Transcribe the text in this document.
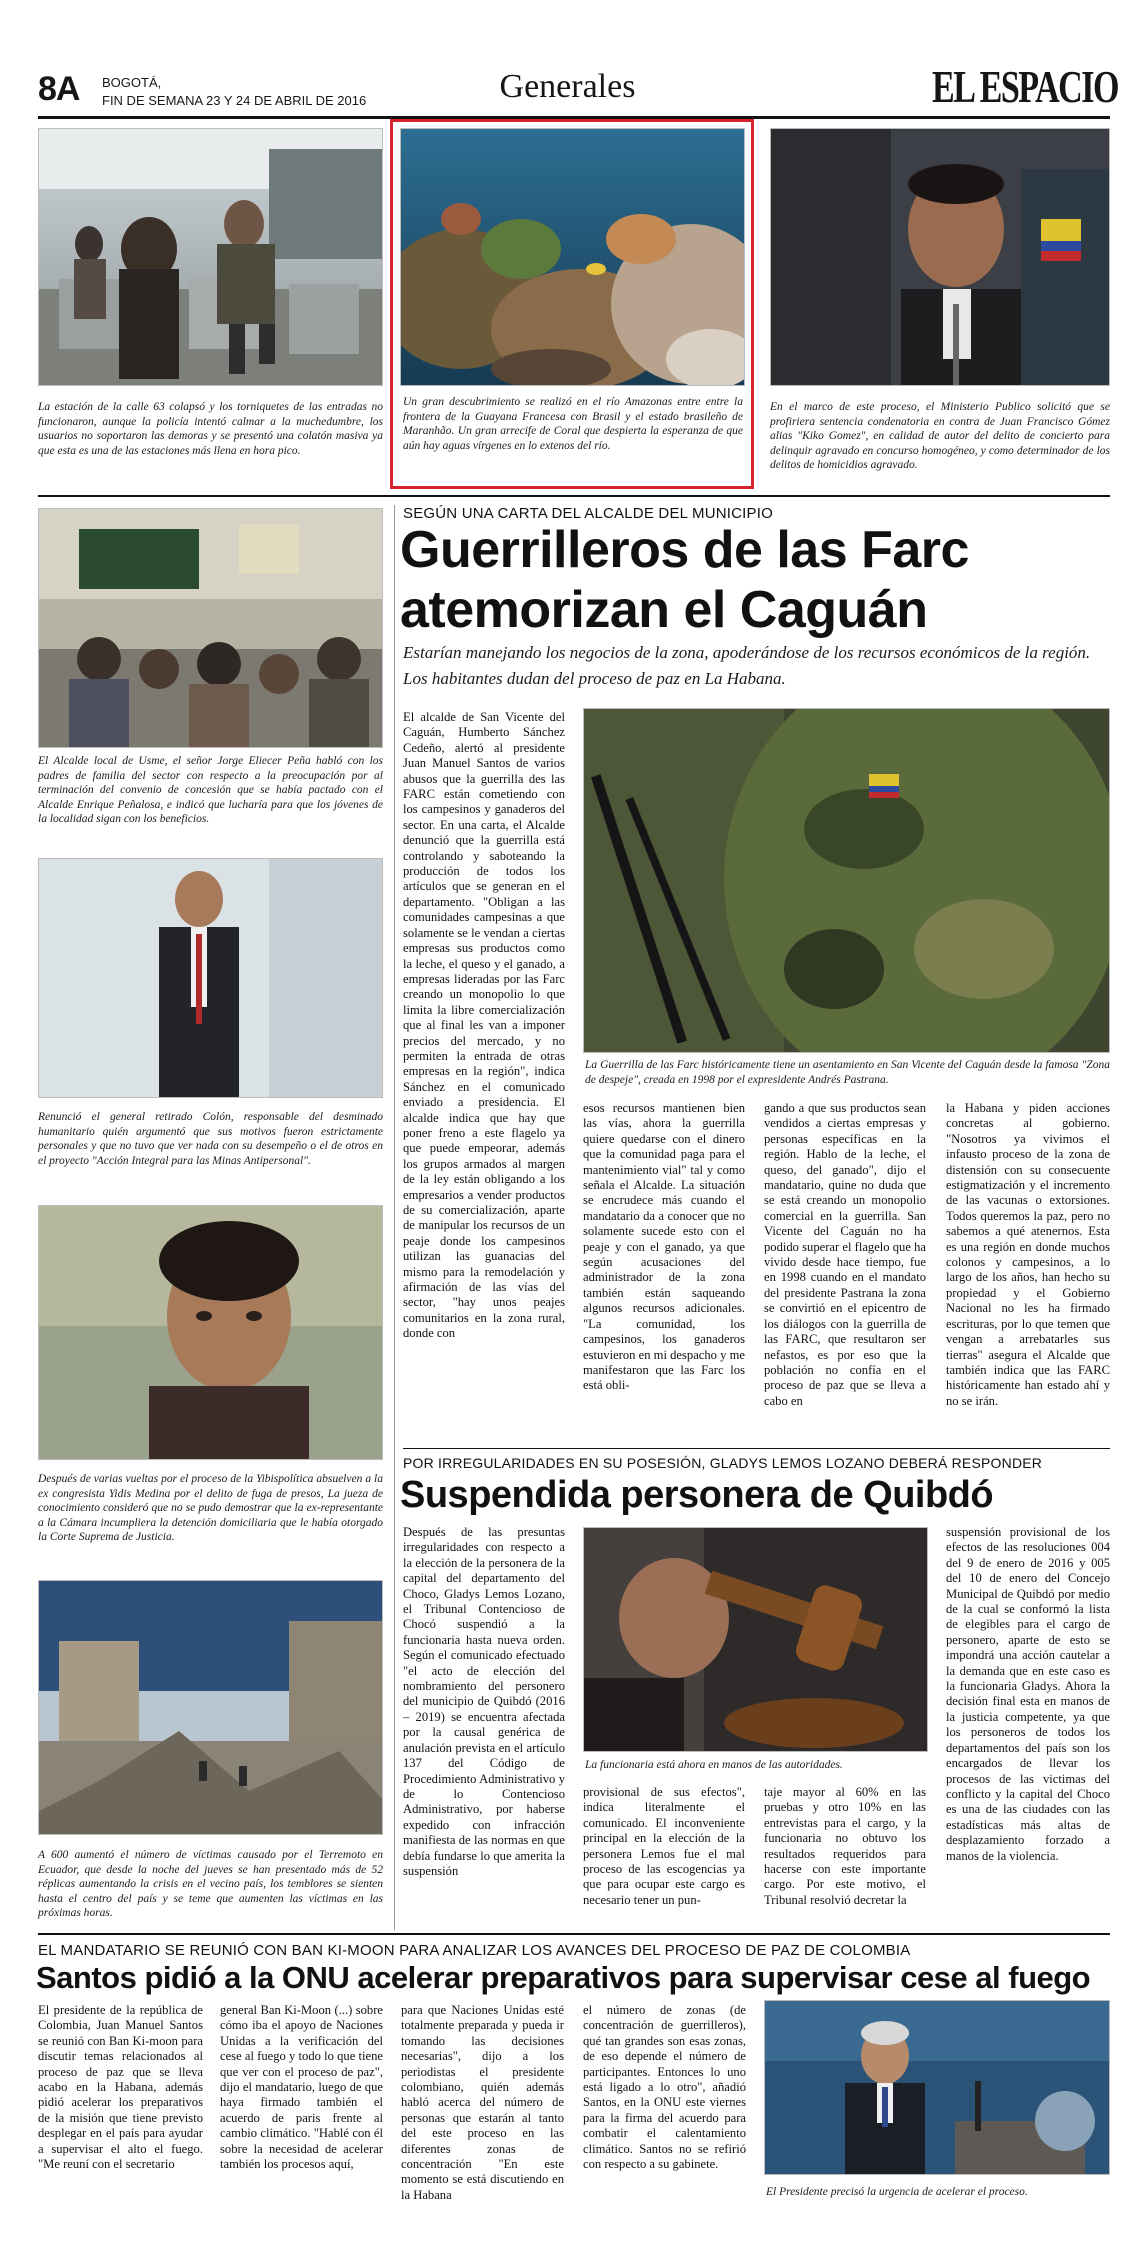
8A BOGOTÁ,
FIN DE SEMANA 23 Y 24 DE ABRIL DE 2016	Generales	EL ESPACIO

La estación de la calle 63 colapsó y los torniquetes de las entradas no funcionaron, aunque la policía intentó calmar a la muchedumbre, los usuarios no soportaron las demoras y se presentó una colatón masiva ya que esta es una de las estaciones más llena en hora pico.

Un gran descubrimiento se realizó en el río Amazonas entre entre la frontera de la Guayana Francesa con Brasil y el estado brasileño de Maranhão. Un gran arrecife de Coral que despierta la esperanza de que aún hay aguas vírgenes en lo extenos del río.

En el marco de este proceso, el Ministerio Publico solicitó que se profiriera sentencia condenatoria en contra de Juan Francisco Gómez alias "Kiko Gomez", en calidad de autor del delito de concierto para delinquir agravado en concurso homogéneo, y como determinador de los delitos de homicidios agravado.

El Alcalde local de Usme, el señor Jorge Eliecer Peña habló con los padres de familia del sector con respecto a la preocupación por al terminación del convenio de concesión que se había pactado con el Alcalde Enrique Peñalosa, e indicó que lucharía para que los jóvenes de la localidad sigan con los beneficios.

Renunció el general retirado Colón, responsable del desminado humanitario quién argumentó que sus motivos fueron estrictamente personales y que no tuvo que ver nada con su desempeño o el de otros en el proyecto "Acción Integral para las Minas Antipersonal".

Después de varias vueltas por el proceso de la Yibispolítica absuelven a la ex congresista Yidis Medina por el delito de fuga de presos, La jueza de conocimiento consideró que no se pudo demostrar que la ex-representante a la Cámara incumpliera la detención domiciliaria que le había otorgado la Corte Suprema de Justicia.

A 600 aumentó el número de víctimas causado por el Terremoto en Ecuador, que desde la noche del jueves se han presentado más de 52 réplicas aumentando la crisis en el vecino país, los temblores se sienten hasta el centro del país y se teme que aumenten las víctimas en las próximas horas.

SEGÚN UNA CARTA DEL ALCALDE DEL MUNICIPIO
Guerrilleros de las Farc
atemorizan el Caguán
Estarían manejando los negocios de la zona, apoderándose de los recursos económicos de la región. Los habitantes dudan del proceso de paz en La Habana.

El alcalde de San Vicente del Caguán, Humberto Sánchez Cedeño, alertó al presidente Juan Manuel Santos de varios abusos que la guerrilla des las FARC están cometiendo con los campesinos y ganaderos del sector. En una carta, el Alcalde denunció que la guerrilla está controlando y saboteando la producción de todos los artículos que se generan en el departamento. "Obligan a las comunidades campesinas a que solamente se le vendan a ciertas empresas sus productos como la leche, el queso y el ganado, a empresas lideradas por las Farc creando un monopolio lo que limita la libre comercialización que al final les van a imponer precios del mercado, y no permiten la entrada de otras empresas en la región", indica Sánchez en el comunicado enviado a presidencia. El alcalde indica que hay que poner freno a este flagelo ya que puede empeorar, además los grupos armados al margen de la ley están obligando a los empresarios a vender productos de su comercialización, aparte de manipular los recursos de un peaje donde los campesinos utilizan las guanacias del mismo para la remodelación y afirmación de las vías del sector, "hay unos peajes comunitarios en la zona rural, donde con

La Guerrilla de las Farc históricamente tiene un asentamiento en San Vicente del Caguán desde la famosa "Zona de despeje", creada en 1998 por el expresidente Andrés Pastrana.

esos recursos mantienen bien las vías, ahora la guerrilla quiere quedarse con el dinero que la comunidad paga para el mantenimiento vial" tal y como señala el Alcalde. La situación se encrudece más cuando el mandatario da a conocer que no solamente sucede esto con el peaje y con el ganado, ya que según acusaciones del administrador de la zona también están saqueando algunos recursos adicionales. "La comunidad, los campesinos, los ganaderos estuvieron en mi despacho y me manifestaron que las Farc los está obli-

gando a que sus productos sean vendidos a ciertas empresas y personas específicas en la región. Hablo de la leche, el queso, del ganado", dijo el mandatario, quine no duda que se está creando un monopolio comercial en la guerrilla. San Vicente del Caguán no ha podido superar el flagelo que ha vivido desde hace tiempo, fue en 1998 cuando en el mandato del presidente Pastrana la zona se convirtió en el epicentro de los diálogos con la guerrilla de las FARC, que resultaron ser nefastos, es por eso que la población no confía en el proceso de paz que se lleva a cabo en

la Habana y piden acciones concretas al gobierno. "Nosotros ya vivimos el infausto proceso de la zona de distensión con su consecuente estigmatización y el incremento de las vacunas o extorsiones. Todos queremos la paz, pero no sabemos a qué atenernos. Esta es una región en donde muchos colonos y campesinos, a lo largo de los años, han hecho su propiedad y el Gobierno Nacional no les ha firmado escrituras, por lo que temen que vengan a arrebatarles sus tierras" asegura el Alcalde que también indica que las FARC históricamente han estado ahí y no se irán.

POR IRREGULARIDADES EN SU POSESIÓN, GLADYS LEMOS LOZANO DEBERÁ RESPONDER
Suspendida personera de Quibdó

Después de las presuntas irregularidades con respecto a la elección de la personera de la capital del departamento del Choco, Gladys Lemos Lozano, el Tribunal Contencioso de Chocó suspendió a la funcionaria hasta nueva orden. Según el comunicado efectuado "el acto de elección del nombramiento del personero del municipio de Quibdó (2016 – 2019) se encuentra afectada por la causal genérica de anulación prevista en el artículo 137 del Código de Procedimiento Administrativo y de lo Contencioso Administrativo, por haberse expedido con infracción manifiesta de las normas en que debía fundarse lo que amerita la suspensión

La funcionaria está ahora en manos de las autoridades.

provisional de sus efectos", indica literalmente el comunicado. El inconveniente principal en la elección de la personera Lemos fue el mal proceso de las escogencias ya que para ocupar este cargo es necesario tener un pun-

taje mayor al 60% en las pruebas y otro 10% en las entrevistas para el cargo, y la funcionaria no obtuvo los resultados requeridos para hacerse con este importante cargo. Por este motivo, el Tribunal resolvió decretar la

suspensión provisional de los efectos de las resoluciones 004 del 9 de enero de 2016 y 005 del 10 de enero del Concejo Municipal de Quibdó por medio de la cual se conformó la lista de elegibles para el cargo de personero, aparte de esto se impondrá una acción cautelar a la demanda que en este caso es la funcionaria Gladys. Ahora la decisión final esta en manos de la justicia competente, ya que los personeros de todos los departamentos del país son los encargados de llevar los procesos de las victimas del conflicto y la capital del Choco es una de las ciudades con las estadísticas más altas de desplazamiento forzado a manos de la violencia.

EL MANDATARIO SE REUNIÓ CON BAN KI-MOON PARA ANALIZAR LOS AVANCES DEL PROCESO DE PAZ DE COLOMBIA
Santos pidió a la ONU acelerar preparativos para supervisar cese al fuego

El presidente de la república de Colombia, Juan Manuel Santos se reunió con Ban Ki-moon para discutir temas relacionados al proceso de paz que se lleva acabo en la Habana, además pidió acelerar los preparativos de la misión que tiene previsto desplegar en el país para ayudar a supervisar el alto el fuego. "Me reuní con el secretario

general Ban Ki-Moon (...) sobre cómo iba el apoyo de Naciones Unidas a la verificación del cese al fuego y todo lo que tiene que ver con el proceso de paz", dijo el mandatario, luego de que haya firmado también el acuerdo de paris frente al cambio climático. "Hablé con él sobre la necesidad de acelerar también los procesos aquí,

para que Naciones Unidas esté totalmente preparada y pueda ir tomando las decisiones necesarias", dijo a los periodistas el presidente colombiano, quién además habló acerca del número de personas que estarán al tanto del este proceso en las diferentes zonas de concentración "En este momento se está discutiendo en la Habana

el número de zonas (de concentración de guerrilleros), qué tan grandes son esas zonas, de eso depende el número de participantes. Entonces lo uno está ligado a lo otro", añadió Santos, en la ONU este viernes para la firma del acuerdo para combatir el calentamiento climático. Santos no se refirió con respecto a su gabinete.

El Presidente precisó la urgencia de acelerar el proceso.
